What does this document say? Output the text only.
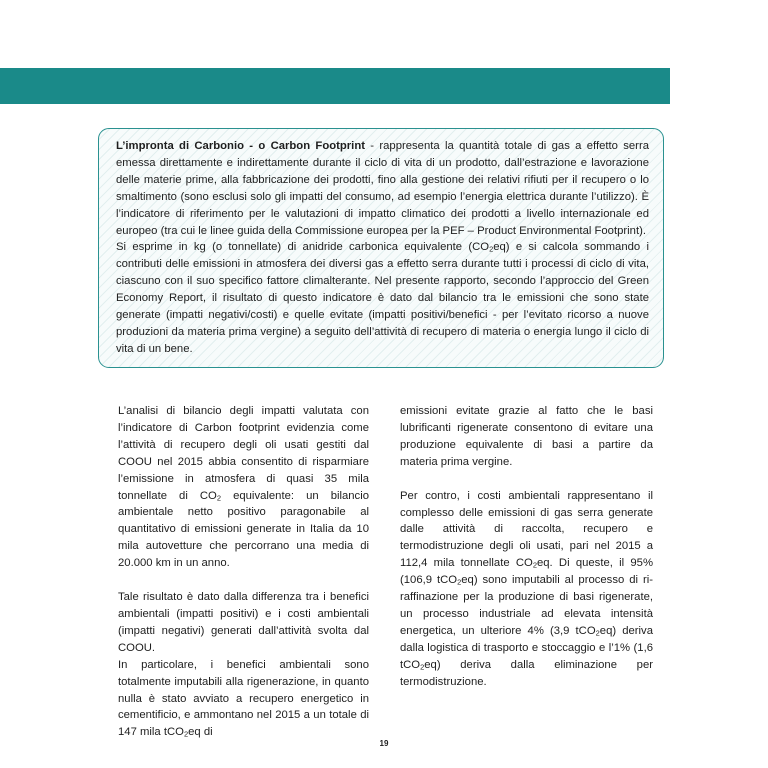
L’impronta di Carbonio - o Carbon Footprint - rappresenta la quantità totale di gas a effetto serra emessa direttamente e indirettamente durante il ciclo di vita di un prodotto, dall’estrazione e lavorazione delle materie prime, alla fabbricazione dei prodotti, fino alla gestione dei relativi rifiuti per il recupero o lo smaltimento (sono esclusi solo gli impatti del consumo, ad esempio l’energia elettrica durante l’utilizzo). È l’indicatore di riferimento per le valutazioni di impatto climatico dei prodotti a livello internazionale ed europeo (tra cui le linee guida della Commissione europea per la PEF – Product Environmental Footprint).

Si esprime in kg (o tonnellate) di anidride carbonica equivalente $(CO_2eq)$ e si calcola sommando i contributi delle emissioni in atmosfera dei diversi gas a effetto serra durante tutti i processi di ciclo di vita, ciascuno con il suo specifico fattore climalterante. Nel presente rapporto, secondo l’approccio del Green Economy Report, il risultato di questo indicatore è dato dal bilancio tra le emissioni che sono state generate (impatti negativi/costi) e quelle evitate (impatti positivi/benefici - per l’evitato ricorso a nuove produzioni da materia prima vergine) a seguito dell’attività di recupero di materia o energia lungo il ciclo di vita di un bene.

L’analisi di bilancio degli impatti valutata con l’indicatore di Carbon footprint evidenzia come l’attività di recupero degli oli usati gestiti dal COOU nel 2015 abbia consentito di risparmiare l’emissione in atmosfera di quasi 35 mila tonnellate di $CO_2$ equivalente: un bilancio ambientale netto positivo paragonabile al quantitativo di emissioni generate in Italia da 10 mila autovetture che percorrano una media di 20.000 km in un anno.

Tale risultato è dato dalla differenza tra i benefici ambientali (impatti positivi) e i costi ambientali (impatti negativi) generati dall’attività svolta dal COOU.

In particolare, i benefici ambientali sono totalmente imputabili alla rigenerazione, in quanto nulla è stato avviato a recupero energetico in cementificio, e ammontano nel 2015 a un totale di 147 mila tCO$_2$eq di

emissioni evitate grazie al fatto che le basi lubrificanti rigenerate consentono di evitare una produzione equivalente di basi a partire da materia prima vergine.

Per contro, i costi ambientali rappresentano il complesso delle emissioni di gas serra generate dalle attività di raccolta, recupero e termodistruzione degli oli usati, pari nel 2015 a 112,4 mila tonnellate $CO_2eq$. Di queste, il 95% (106,9 tCO$_2$eq) sono imputabili al processo di ri-raffinazione per la produzione di basi rigenerate, un processo industriale ad elevata intensità energetica, un ulteriore 4% (3,9 tCO$_2$eq) deriva dalla logistica di trasporto e stoccaggio e l’1% (1,6 tCO$_2$eq) deriva dalla eliminazione per termodistruzione.

19
